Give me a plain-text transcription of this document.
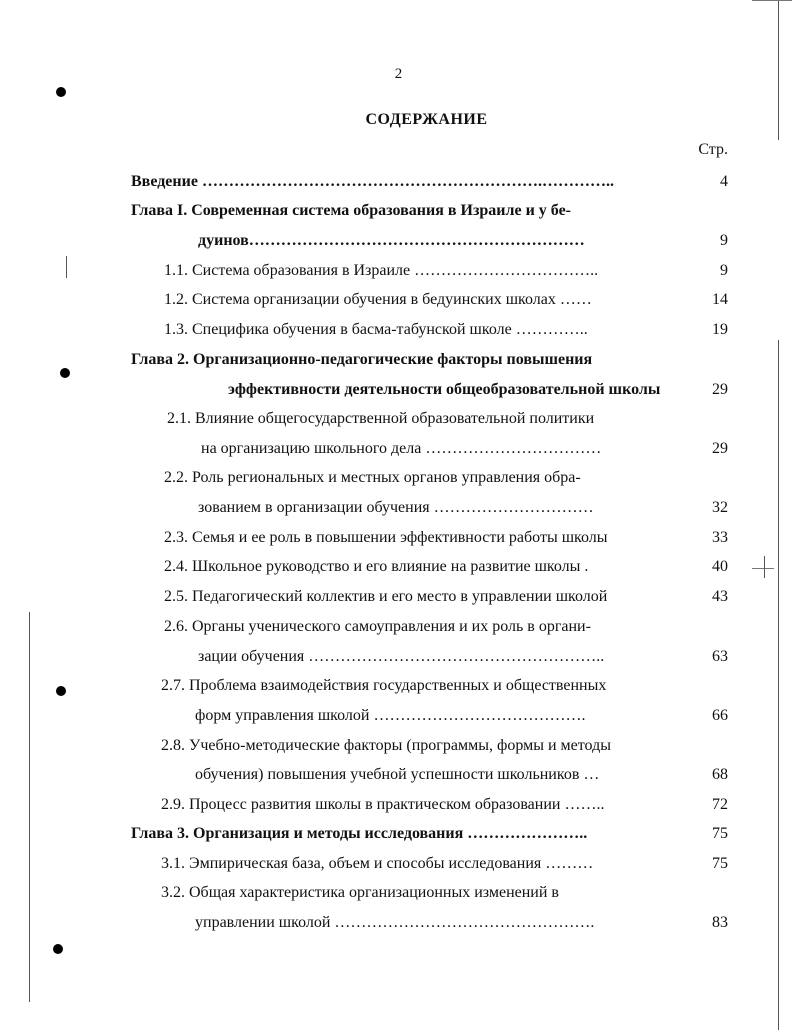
2
СОДЕРЖАНИЕ
Стр.
Введение ……………………………………………………….…………..	4
Глава I. Современная система образования в Израиле и у бе-
дуинов………………………………………………………	9
1.1. Система образования в Израиле ……………………………..	9
1.2. Система организации обучения в бедуинских школах ……	14
1.3. Специфика обучения в басма-табунской школе …………..	19
Глава 2. Организационно-педагогические факторы повышения
эффективности деятельности общеобразовательной школы	29
2.1. Влияние общегосударственной образовательной политики
на организацию школьного дела ……………………………	29
2.2. Роль региональных и местных органов управления обра-
зованием в организации обучения …………………………	32
2.3. Семья и ее роль в повышении эффективности работы школы	33
2.4. Школьное руководство и его влияние на развитие школы .	40
2.5. Педагогический коллектив и его место в управлении школой	43
2.6. Органы ученического самоуправления и их роль в органи-
зации обучения ………………………………………………..	63
2.7. Проблема взаимодействия государственных и общественных
форм управления школой ………………………………….	66
2.8. Учебно-методические факторы (программы, формы и методы
обучения) повышения учебной успешности школьников …	68
2.9. Процесс развития школы в практическом образовании ……..	72
Глава 3. Организация и методы исследования …………………..	75
3.1. Эмпирическая база, объем и способы исследования ………	75
3.2. Общая характеристика организационных изменений в
управлении школой ………………………………………….	83
